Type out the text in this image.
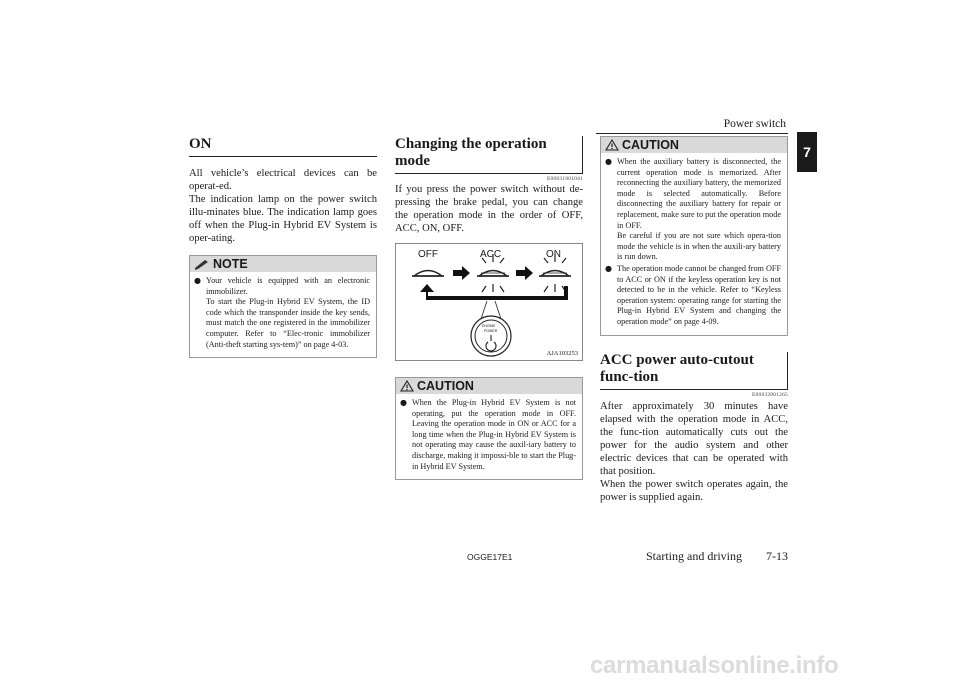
Power switch
7
ON

All vehicle’s electrical devices can be operat-ed.

The indication lamp on the power switch illu-minates blue. The indication lamp goes off when the Plug-in Hybrid EV System is oper-ating.

NOTE
● Your vehicle is equipped with an electronic immobilizer.

To start the Plug-in Hybrid EV System, the ID code which the transponder inside the key sends, must match the one registered in the immobilizer computer. Refer to “Elec-tronic immobilizer (Anti-theft starting sys-tem)” on page 4-03.

Changing the operation mode
E00631901041
If you press the power switch without de-pressing the brake pedal, you can change the operation mode in the order of OFF, ACC, ON, OFF.
OFF	ACC	ON
ENGINE
POWER
AJA103253
CAUTION
● When the Plug-in Hybrid EV System is not operating, put the operation mode in OFF. Leaving the operation mode in ON or ACC for a long time when the Plug-in Hybrid EV System is not operating may cause the auxil-iary battery to discharge, making it impossi-ble to start the Plug-in Hybrid EV System.
CAUTION
● When the auxiliary battery is disconnected, the current operation mode is memorized. After reconnecting the auxiliary battery, the memorized mode is selected automatically. Before disconnecting the auxiliary battery for repair or replacement, make sure to put the operation mode in OFF.

Be careful if you are not sure which opera-tion mode the vehicle is in when the auxili-ary battery is run down.

● The operation mode cannot be changed from OFF to ACC or ON if the keyless operation key is not detected to be in the vehicle. Refer to “Keyless operation system: operating range for starting the Plug-in Hybrid EV System and changing the operation mode” on page 4-09.
ACC power auto-cutout func-tion
E00632801265

After approximately 30 minutes have elapsed with the operation mode in ACC, the func-tion automatically cuts out the power for the audio system and other electric devices that can be operated with that position.

When the power switch operates again, the power is supplied again.

OGGE17E1	Starting and driving 7-13
carmanualsonline.info
